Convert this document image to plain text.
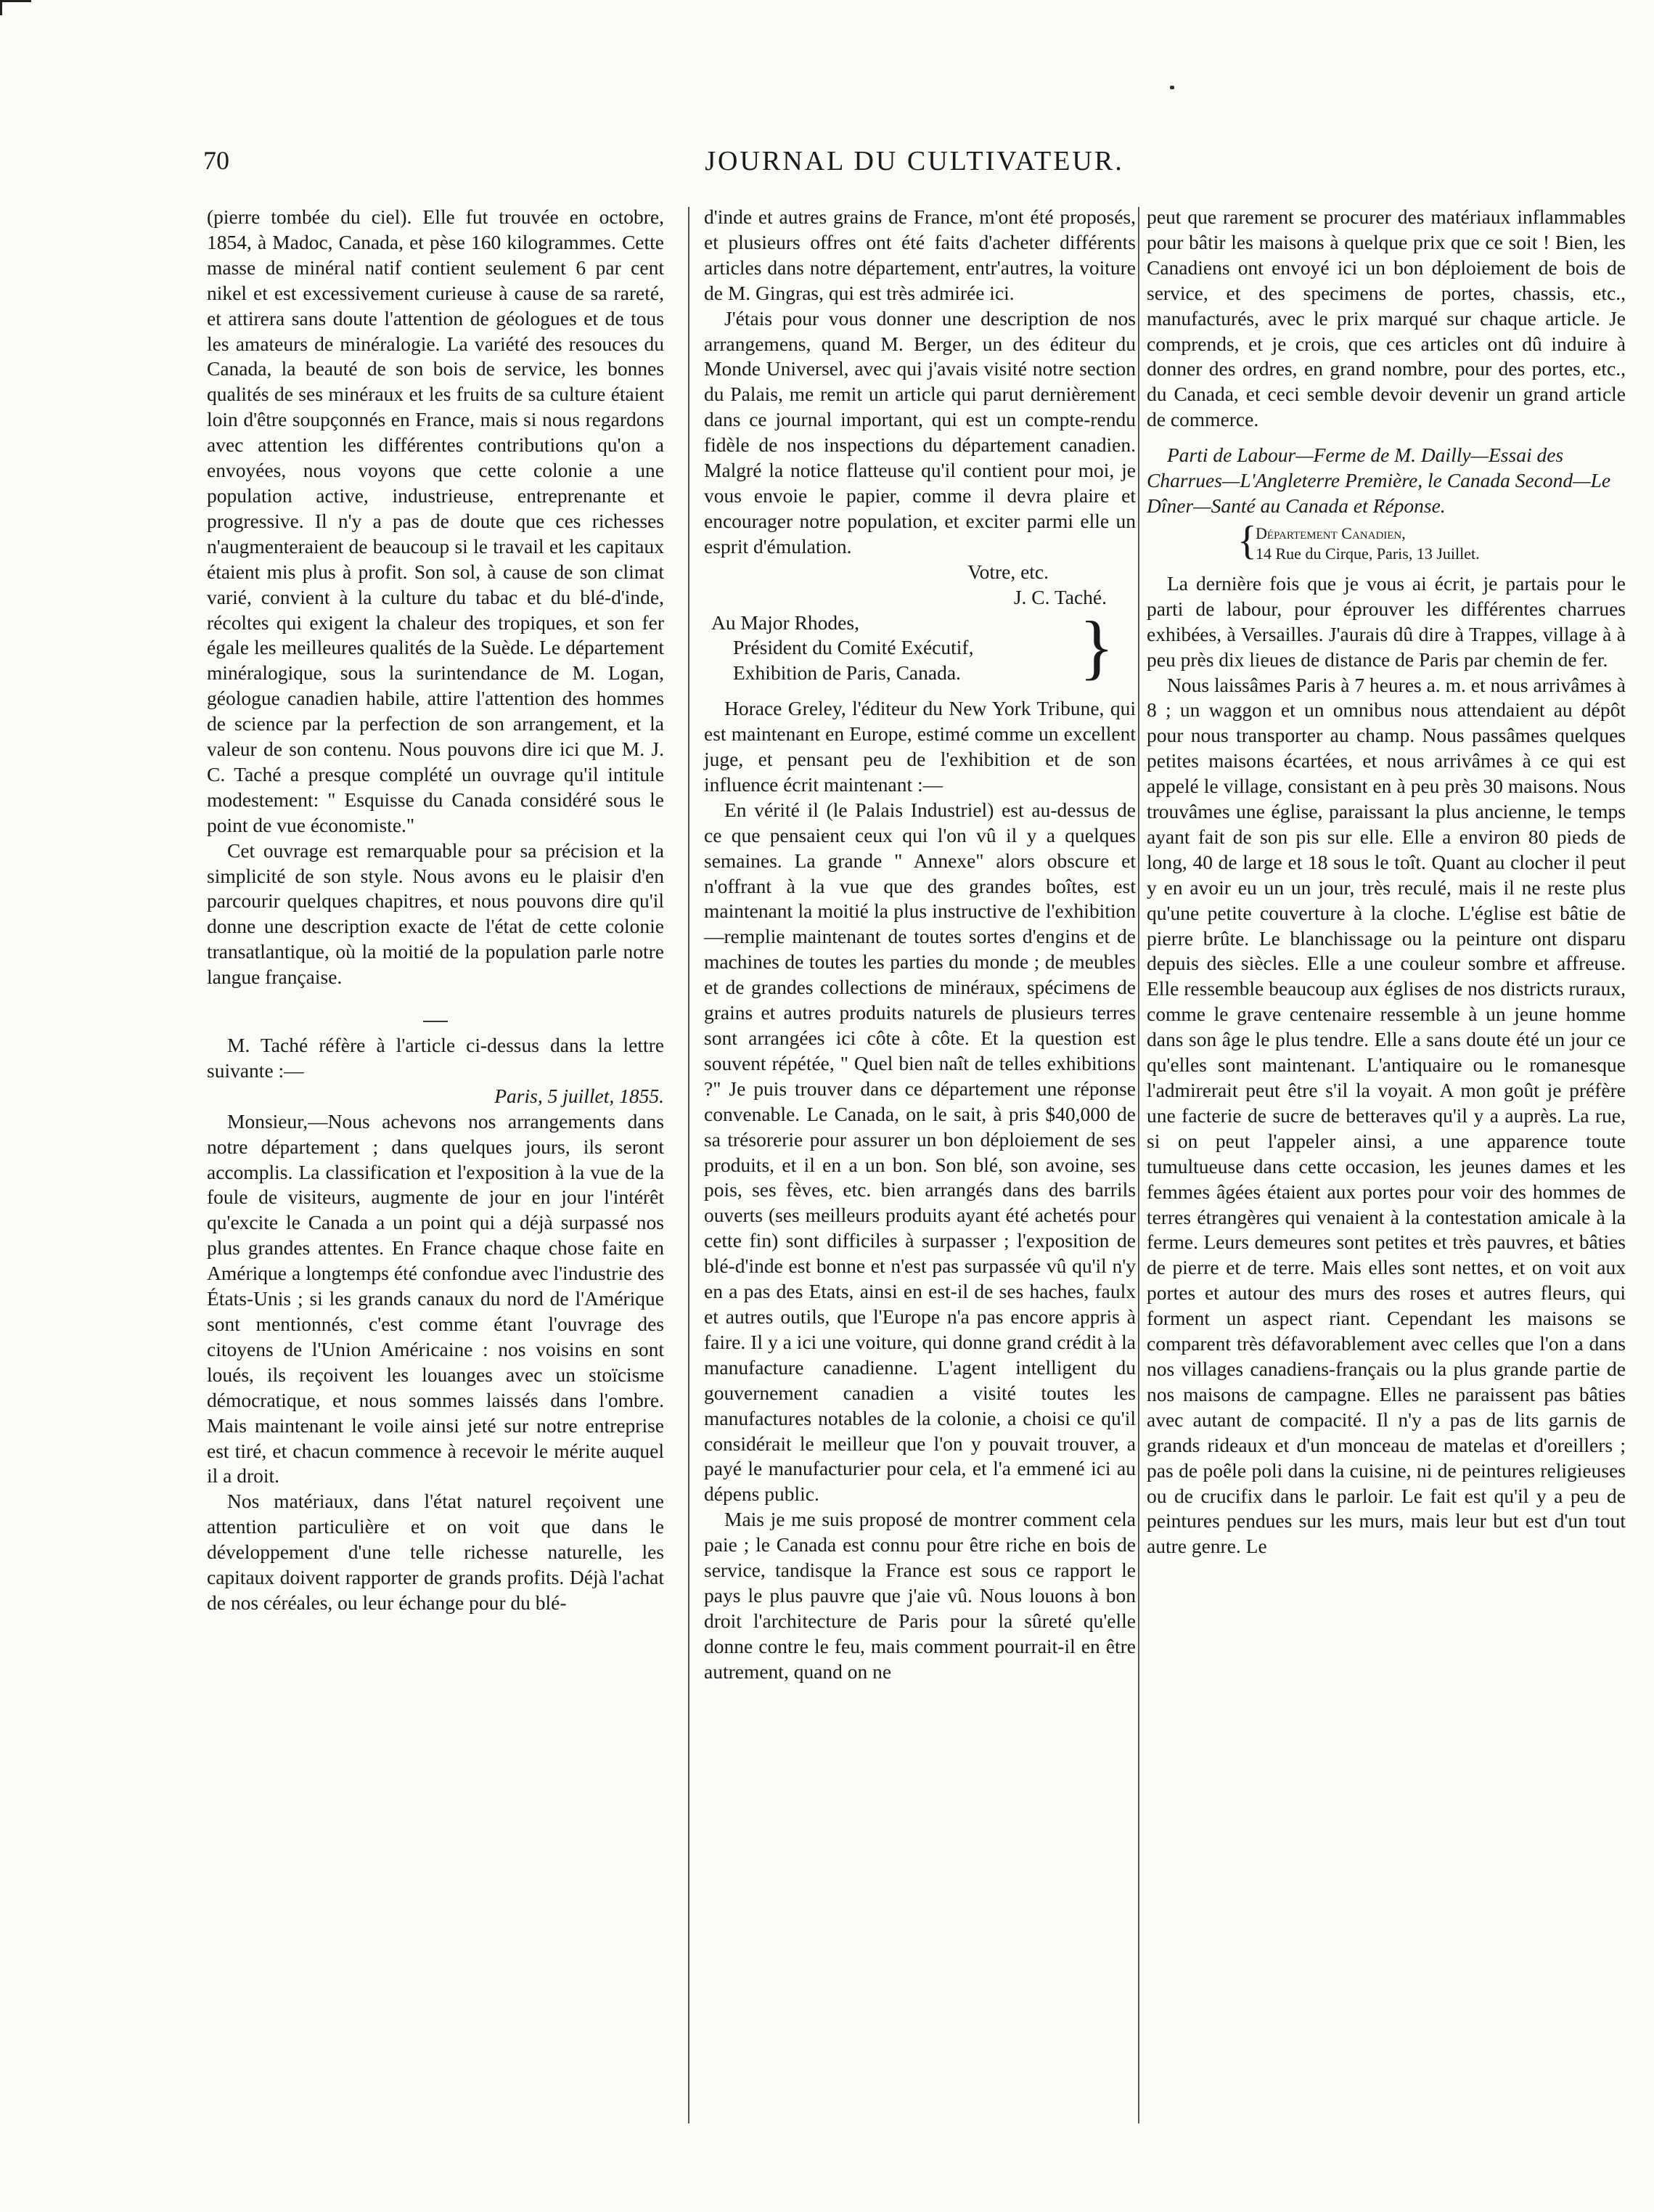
70	JOURNAL DU CULTIVATEUR.

(pierre tombée du ciel). Elle fut trouvée en octobre, 1854, à Madoc, Canada, et pèse 160 kilogrammes. Cette masse de minéral natif contient seulement 6 par cent nikel et est excessivement curieuse à cause de sa rareté, et attirera sans doute l'attention de géologues et de tous les amateurs de minéralogie. La variété des resouces du Canada, la beauté de son bois de service, les bonnes qualités de ses minéraux et les fruits de sa culture étaient loin d'être soupçonnés en France, mais si nous regardons avec attention les différentes contributions qu'on a envoyées, nous voyons que cette colonie a une population active, industrieuse, entreprenante et progressive. Il n'y a pas de doute que ces richesses n'augmenteraient de beaucoup si le travail et les capitaux étaient mis plus à profit. Son sol, à cause de son climat varié, convient à la culture du tabac et du blé-d'inde, récoltes qui exigent la chaleur des tropiques, et son fer égale les meilleures qualités de la Suède. Le département minéralogique, sous la surintendance de M. Logan, géologue canadien habile, attire l'attention des hommes de science par la perfection de son arrangement, et la valeur de son contenu. Nous pouvons dire ici que M. J. C. Taché a presque complété un ouvrage qu'il intitule modestement: " Esquisse du Canada considéré sous le point de vue économiste."

Cet ouvrage est remarquable pour sa précision et la simplicité de son style. Nous avons eu le plaisir d'en parcourir quelques chapitres, et nous pouvons dire qu'il donne une description exacte de l'état de cette colonie transatlantique, où la moitié de la population parle notre langue française.

M. Taché réfère à l'article ci-dessus dans la lettre suivante :—

Paris, 5 juillet, 1855.

Monsieur,—Nous achevons nos arrangements dans notre département ; dans quelques jours, ils seront accomplis. La classification et l'exposition à la vue de la foule de visiteurs, augmente de jour en jour l'intérêt qu'excite le Canada a un point qui a déjà surpassé nos plus grandes attentes. En France chaque chose faite en Amérique a longtemps été confondue avec l'industrie des États-Unis ; si les grands canaux du nord de l'Amérique sont mentionnés, c'est comme étant l'ouvrage des citoyens de l'Union Américaine : nos voisins en sont loués, ils reçoivent les louanges avec un stoïcisme démocratique, et nous sommes laissés dans l'ombre. Mais maintenant le voile ainsi jeté sur notre entreprise est tiré, et chacun commence à recevoir le mérite auquel il a droit.

Nos matériaux, dans l'état naturel reçoivent une attention particulière et on voit que dans le développement d'une telle richesse naturelle, les capitaux doivent rapporter de grands profits. Déjà l'achat de nos céréales, ou leur échange pour du blé-

d'inde et autres grains de France, m'ont été proposés, et plusieurs offres ont été faits d'acheter différents articles dans notre département, entr'autres, la voiture de M. Gingras, qui est très admirée ici.

J'étais pour vous donner une description de nos arrangemens, quand M. Berger, un des éditeur du Monde Universel, avec qui j'avais visité notre section du Palais, me remit un article qui parut dernièrement dans ce journal important, qui est un compte-rendu fidèle de nos inspections du département canadien. Malgré la notice flatteuse qu'il contient pour moi, je vous envoie le papier, comme il devra plaire et encourager notre population, et exciter parmi elle un esprit d'émulation.

Votre, etc.

J. C. Taché.

Au Major Rhodes,

Président du Comité Exécutif,

Exhibition de Paris, Canada.	}

Horace Greley, l'éditeur du New York Tribune, qui est maintenant en Europe, estimé comme un excellent juge, et pensant peu de l'exhibition et de son influence écrit maintenant :—

En vérité il (le Palais Industriel) est au-dessus de ce que pensaient ceux qui l'on vû il y a quelques semaines. La grande " Annexe" alors obscure et n'offrant à la vue que des grandes boîtes, est maintenant la moitié la plus instructive de l'exhibition—remplie maintenant de toutes sortes d'engins et de machines de toutes les parties du monde ; de meubles et de grandes collections de minéraux, spécimens de grains et autres produits naturels de plusieurs terres sont arrangées ici côte à côte. Et la question est souvent répétée, " Quel bien naît de telles exhibitions ?" Je puis trouver dans ce département une réponse convenable. Le Canada, on le sait, à pris $40,000 de sa trésorerie pour assurer un bon déploiement de ses produits, et il en a un bon. Son blé, son avoine, ses pois, ses fèves, etc. bien arrangés dans des barrils ouverts (ses meilleurs produits ayant été achetés pour cette fin) sont difficiles à surpasser ; l'exposition de blé-d'inde est bonne et n'est pas surpassée vû qu'il n'y en a pas des Etats, ainsi en est-il de ses haches, faulx et autres outils, que l'Europe n'a pas encore appris à faire. Il y a ici une voiture, qui donne grand crédit à la manufacture canadienne. L'agent intelligent du gouvernement canadien a visité toutes les manufactures notables de la colonie, a choisi ce qu'il considérait le meilleur que l'on y pouvait trouver, a payé le manufacturier pour cela, et l'a emmené ici au dépens public.

Mais je me suis proposé de montrer comment cela paie ; le Canada est connu pour être riche en bois de service, tandisque la France est sous ce rapport le pays le plus pauvre que j'aie vû. Nous louons à bon droit l'architecture de Paris pour la sûreté qu'elle donne contre le feu, mais comment pourrait-il en être autrement, quand on ne

peut que rarement se procurer des matériaux inflammables pour bâtir les maisons à quelque prix que ce soit ! Bien, les Canadiens ont envoyé ici un bon déploiement de bois de service, et des specimens de portes, chassis, etc., manufacturés, avec le prix marqué sur chaque article. Je comprends, et je crois, que ces articles ont dû induire à donner des ordres, en grand nombre, pour des portes, etc., du Canada, et ceci semble devoir devenir un grand article de commerce.

Parti de Labour—Ferme de M. Dailly—Essai des Charrues—L'Angleterre Première, le Canada Second—Le Dîner—Santé au Canada et Réponse.

{
Département Canadien,
14 Rue du Cirque, Paris, 13 Juillet.

La dernière fois que je vous ai écrit, je partais pour le parti de labour, pour éprouver les différentes charrues exhibées, à Versailles. J'aurais dû dire à Trappes, village à à peu près dix lieues de distance de Paris par chemin de fer.

Nous laissâmes Paris à 7 heures a. m. et nous arrivâmes à 8 ; un waggon et un omnibus nous attendaient au dépôt pour nous transporter au champ. Nous passâmes quelques petites maisons écartées, et nous arrivâmes à ce qui est appelé le village, consistant en à peu près 30 maisons. Nous trouvâmes une église, paraissant la plus ancienne, le temps ayant fait de son pis sur elle. Elle a environ 80 pieds de long, 40 de large et 18 sous le toît. Quant au clocher il peut y en avoir eu un un jour, très reculé, mais il ne reste plus qu'une petite couverture à la cloche. L'église est bâtie de pierre brûte. Le blanchissage ou la peinture ont disparu depuis des siècles. Elle a une couleur sombre et affreuse. Elle ressemble beaucoup aux églises de nos districts ruraux, comme le grave centenaire ressemble à un jeune homme dans son âge le plus tendre. Elle a sans doute été un jour ce qu'elles sont maintenant. L'antiquaire ou le romanesque l'admirerait peut être s'il la voyait. A mon goût je préfère une facterie de sucre de betteraves qu'il y a auprès. La rue, si on peut l'appeler ainsi, a une apparence toute tumultueuse dans cette occasion, les jeunes dames et les femmes âgées étaient aux portes pour voir des hommes de terres étrangères qui venaient à la contestation amicale à la ferme. Leurs demeures sont petites et très pauvres, et bâties de pierre et de terre. Mais elles sont nettes, et on voit aux portes et autour des murs des roses et autres fleurs, qui forment un aspect riant. Cependant les maisons se comparent très défavorablement avec celles que l'on a dans nos villages canadiens-français ou la plus grande partie de nos maisons de campagne. Elles ne paraissent pas bâties avec autant de compacité. Il n'y a pas de lits garnis de grands rideaux et d'un monceau de matelas et d'oreillers ; pas de poêle poli dans la cuisine, ni de peintures religieuses ou de crucifix dans le parloir. Le fait est qu'il y a peu de peintures pendues sur les murs, mais leur but est d'un tout autre genre. Le
